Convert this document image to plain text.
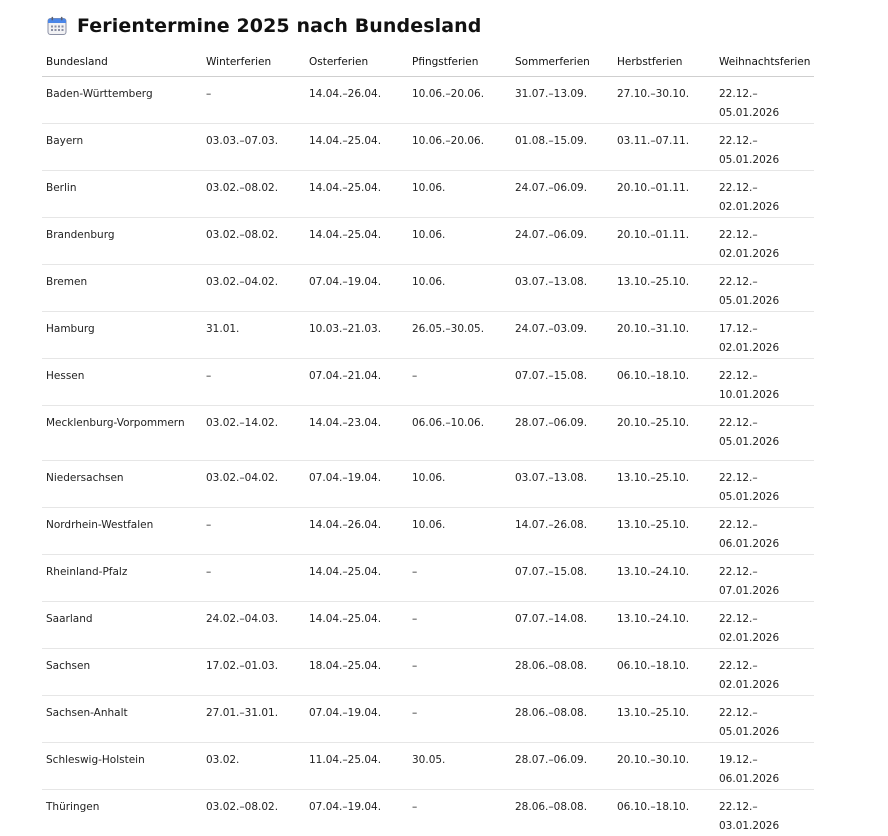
Ferientermine 2025 nach Bundesland
Bundesland	Winterferien	Osterferien	Pfingstferien	Sommerferien	Herbstferien	Weihnachtsferien
Baden-Württemberg	–	14.04.–26.04.	10.06.–20.06.	31.07.–13.09.	27.10.–30.10.	22.12.–05.01.2026
Bayern	03.03.–07.03.	14.04.–25.04.	10.06.–20.06.	01.08.–15.09.	03.11.–07.11.	22.12.–05.01.2026
Berlin	03.02.–08.02.	14.04.–25.04.	10.06.	24.07.–06.09.	20.10.–01.11.	22.12.–02.01.2026
Brandenburg	03.02.–08.02.	14.04.–25.04.	10.06.	24.07.–06.09.	20.10.–01.11.	22.12.–02.01.2026
Bremen	03.02.–04.02.	07.04.–19.04.	10.06.	03.07.–13.08.	13.10.–25.10.	22.12.–05.01.2026
Hamburg	31.01.	10.03.–21.03.	26.05.–30.05.	24.07.–03.09.	20.10.–31.10.	17.12.–02.01.2026
Hessen	–	07.04.–21.04.	–	07.07.–15.08.	06.10.–18.10.	22.12.–10.01.2026
Mecklenburg-Vorpommern	03.02.–14.02.	14.04.–23.04.	06.06.–10.06.	28.07.–06.09.	20.10.–25.10.	22.12.–05.01.2026
Niedersachsen	03.02.–04.02.	07.04.–19.04.	10.06.	03.07.–13.08.	13.10.–25.10.	22.12.–05.01.2026
Nordrhein-Westfalen	–	14.04.–26.04.	10.06.	14.07.–26.08.	13.10.–25.10.	22.12.–06.01.2026
Rheinland-Pfalz	–	14.04.–25.04.	–	07.07.–15.08.	13.10.–24.10.	22.12.–07.01.2026
Saarland	24.02.–04.03.	14.04.–25.04.	–	07.07.–14.08.	13.10.–24.10.	22.12.–02.01.2026
Sachsen	17.02.–01.03.	18.04.–25.04.	–	28.06.–08.08.	06.10.–18.10.	22.12.–02.01.2026
Sachsen-Anhalt	27.01.–31.01.	07.04.–19.04.	–	28.06.–08.08.	13.10.–25.10.	22.12.–05.01.2026
Schleswig-Holstein	03.02.	11.04.–25.04.	30.05.	28.07.–06.09.	20.10.–30.10.	19.12.–06.01.2026
Thüringen	03.02.–08.02.	07.04.–19.04.	–	28.06.–08.08.	06.10.–18.10.	22.12.–03.01.2026
